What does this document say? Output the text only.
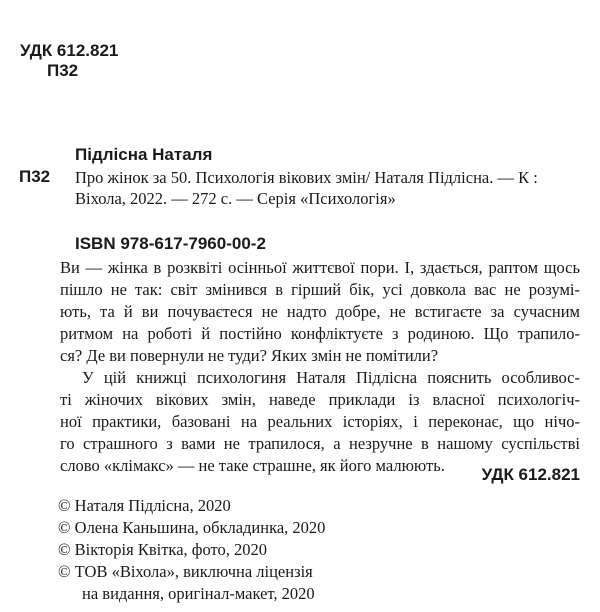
УДК 612.821
П32
Підлісна Наталя
П32 Про жінок за 50. Психологія вікових змін/ Наталя Підлісна. — К :
Віхола, 2022. — 272 с. — Серія «Психологія»
ISBN 978-617-7960-00-2
Ви — жінка в розквіті осінньої життєвої пори. І, здається, раптом щось
пішло не так: світ змінився в гірший бік, усі довкола вас не розумі-
ють, та й ви почуваєтеся не надто добре, не встигаєте за сучасним
ритмом на роботі й постійно конфліктуєте з родиною. Що трапило-
ся? Де ви повернули не туди? Яких змін не помітили?
У цій книжці психологиня Наталя Підлісна пояснить особливос-
ті жіночих вікових змін, наведе приклади із власної психологіч-
ної практики, базовані на реальних історіях, і переконає, що нічо-
го страшного з вами не трапилося, а незручне в нашому суспільстві
слово «клімакс» — не таке страшне, як його малюють.	УДК 612.821
© Наталя Підлісна, 2020
© Олена Каньшина, обкладинка, 2020
© Вікторія Квітка, фото, 2020
© ТОВ «Віхола», виключна ліцензія
на видання, оригінал-макет, 2020
